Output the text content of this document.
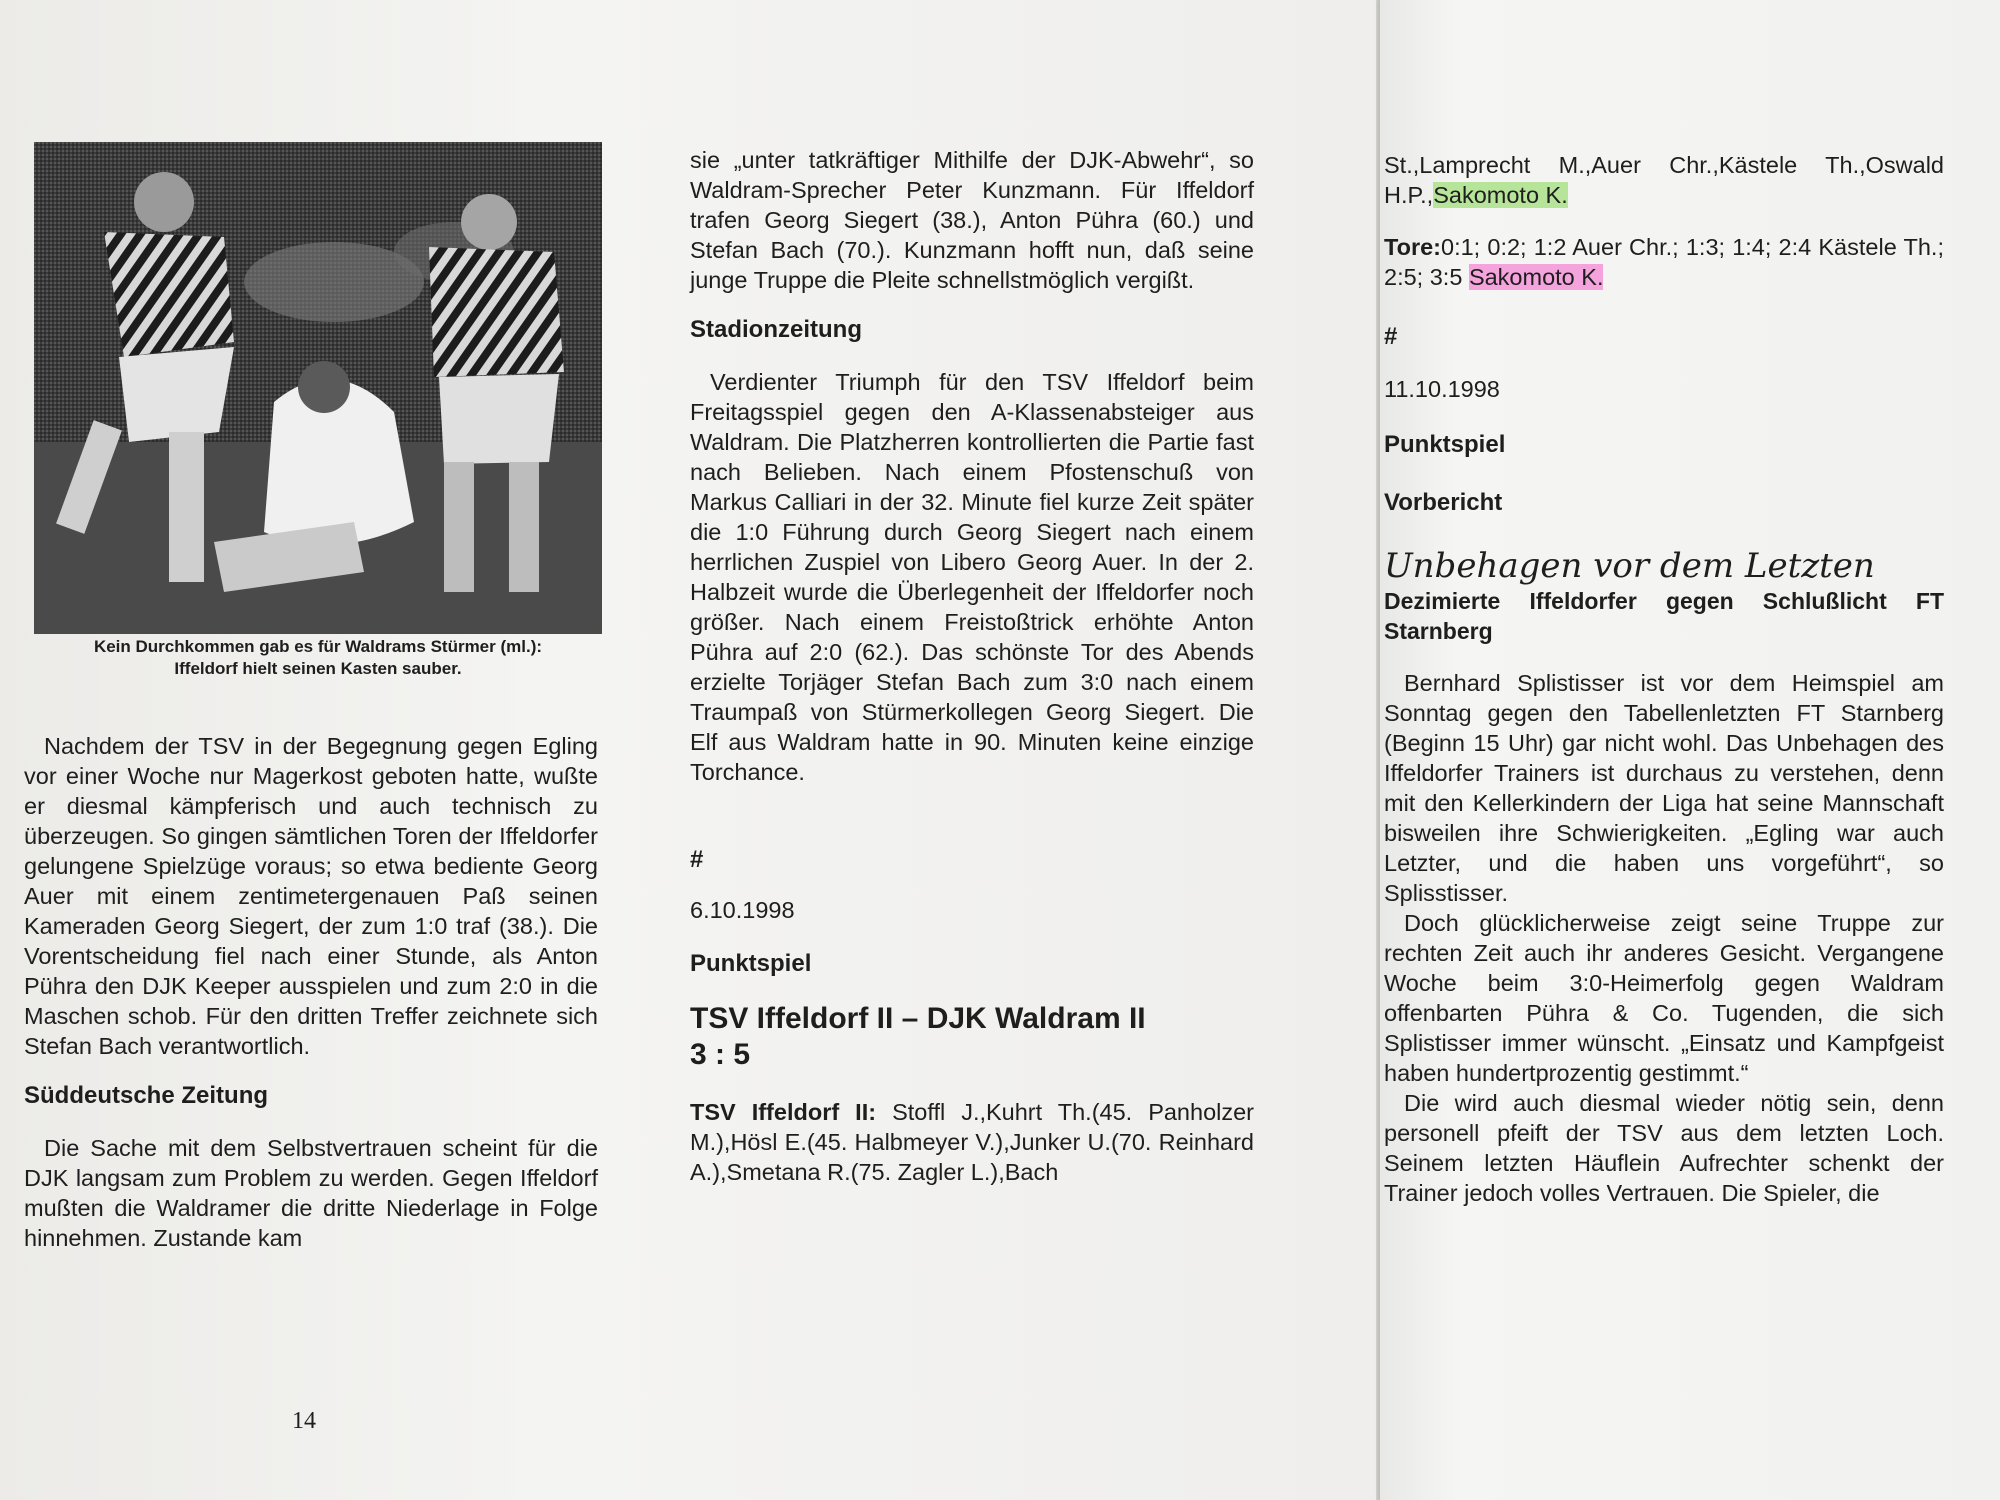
Kein Durchkommen gab es für Waldrams Stürmer (ml.):
Iffeldorf hielt seinen Kasten sauber.

Nachdem der TSV in der Begegnung gegen Egling vor einer Woche nur Magerkost geboten hatte, wußte er diesmal kämpferisch und auch technisch zu überzeugen. So gingen sämtlichen Toren der Iffeldorfer gelungene Spielzüge voraus; so etwa bediente Georg Auer mit einem zentimetergenauen Paß seinen Kameraden Georg Siegert, der zum 1:0 traf (38.). Die Vorentscheidung fiel nach einer Stunde, als Anton Pühra den DJK Keeper ausspielen und zum 2:0 in die Maschen schob. Für den dritten Treffer zeichnete sich Stefan Bach verantwortlich.

Süddeutsche Zeitung

Die Sache mit dem Selbstvertrauen scheint für die DJK langsam zum Problem zu werden. Gegen Iffeldorf mußten die Waldramer die dritte Niederlage in Folge hinnehmen. Zustande kam

sie „unter tatkräftiger Mithilfe der DJK-Abwehr“, so Waldram-Sprecher Peter Kunzmann. Für Iffeldorf trafen Georg Siegert (38.), Anton Pühra (60.) und Stefan Bach (70.). Kunzmann hofft nun, daß seine junge Truppe die Pleite schnellstmöglich vergißt.

Stadionzeitung

Verdienter Triumph für den TSV Iffeldorf beim Freitagsspiel gegen den A-Klassenabsteiger aus Waldram. Die Platzherren kontrollierten die Partie fast nach Belieben. Nach einem Pfostenschuß von Markus Calliari in der 32. Minute fiel kurze Zeit später die 1:0 Führung durch Georg Siegert nach einem herrlichen Zuspiel von Libero Georg Auer. In der 2. Halbzeit wurde die Überlegenheit der Iffeldorfer noch größer. Nach einem Freistoßtrick erhöhte Anton Pühra auf 2:0 (62.). Das schönste Tor des Abends erzielte Torjäger Stefan Bach zum 3:0 nach einem Traumpaß von Stürmerkollegen Georg Siegert. Die Elf aus Waldram hatte in 90. Minuten keine einzige Torchance.

#

6.10.1998

Punktspiel

TSV Iffeldorf II – DJK Waldram II

3 : 5

TSV Iffeldorf II: Stoffl J.,Kuhrt Th.(45. Panholzer M.),Hösl E.(45. Halbmeyer V.),Junker U.(70. Reinhard A.),Smetana R.(75. Zagler L.),Bach

St.,Lamprecht M.,Auer Chr.,Kästele Th.,Oswald H.P.,Sakomoto K.

Tore:0:1; 0:2; 1:2 Auer Chr.; 1:3; 1:4; 2:4 Kästele Th.; 2:5; 3:5 Sakomoto K.

#

11.10.1998

Punktspiel

Vorbericht

Unbehagen vor dem Letzten

Dezimierte Iffeldorfer gegen Schlußlicht FT Starnberg

Bernhard Splistisser ist vor dem Heimspiel am Sonntag gegen den Tabellenletzten FT Starnberg (Beginn 15 Uhr) gar nicht wohl. Das Unbehagen des Iffeldorfer Trainers ist durchaus zu verstehen, denn mit den Kellerkindern der Liga hat seine Mannschaft bisweilen ihre Schwierigkeiten. „Egling war auch Letzter, und die haben uns vorgeführt“, so Splisstisser.

Doch glücklicherweise zeigt seine Truppe zur rechten Zeit auch ihr anderes Gesicht. Vergangene Woche beim 3:0-Heimerfolg gegen Waldram offenbarten Pühra & Co. Tugenden, die sich Splistisser immer wünscht. „Einsatz und Kampfgeist haben hundertprozentig gestimmt.“

Die wird auch diesmal wieder nötig sein, denn personell pfeift der TSV aus dem letzten Loch. Seinem letzten Häuflein Aufrechter schenkt der Trainer jedoch volles Vertrauen. Die Spieler, die

14
